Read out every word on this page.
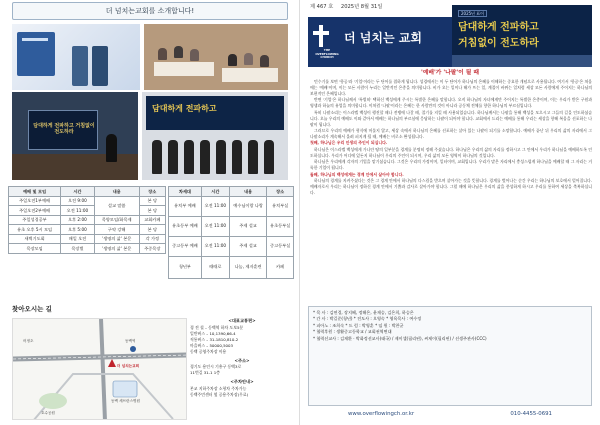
더 넘치는교회를 소개합니다!
담대하게 전파하고 거침없이 전도하라
담대하게 전파하고
예배 및 모임	시간	내용	장소
주일오전1부예배	오전 9:00	설교 말씀	본 당
주일오전2부예배	오전 11:00		본 당
주일성경공부	오후 2:00	목양모임/화목제	교회카페
유초 오후 5시 모임	오후 5:00	구약 강해	본 당
새벽기도회	매일 오전	'생명의 삶' 본문	각 가정
목장모임	목장별	'생명의 삶' 본문	주중목장
차세대	시간	내용	장소
유치부 예배	오전 11:00	예수님이랑 나랑	유치부실
유초등부 예배	오전 11:00	주제 설교	유초등부실
중고등부 예배	오전 11:00	주제 설교	중고등부실
청년부	때때로	나눔, 제자훈련	카페
찾아오시는 길
동백역
어정초
동백 세브란스병원
더 넘치는교회
호수공원
<대표교통편>
경 전 철 – 동백역 하차 도보5분
일반버스 – 10,1390,66-4
직통버스 – 31-1810,810-2
마을버스 – 50000,5003
동백 공영주차장 이용
<주소>
경기도 용인시 기흥구 동백3로
11번길 31-1 1층
<주차안내>
본교 지하주차장 소형차 주차가능
동백주민센터 옆 공용주차장(무료)
제 467 호 2025년 8월 31일
THE OVERFLOWING CHURCH
더 넘치는 교회
2025년 표어
담대하게 전파하고
거침없이 전도하라
'예배'가 '나팔'이 될 때

민수기를 보면 '항공'과 '기업'이라는 두 단어를 접하게 됩니다. 성경에서는 이 두 단어가 하나님의 은혜를 이해하는 중요한 개념으로 사용됩니다. 여기서 '항공'은 처음에는 '예배'이며, 이는 모든 사람이 누리는 일반적인 은총을 의미합니다. 비가 오는 일이나 해가 뜨는 일, 계절이 바뀌는 일처럼 세상 모든 사람에게 주어지는 하나님의 보편적인 은혜입니다.

반면 '기업'은 하나님께서 '특별히' 택하신 백성에게 주시는 특별한 은혜를 말합니다. 오직 하나님의 자녀에게만 주어지는 특별한 은총이며, 이는 우리가 받은 구원과 영생과 하늘의 유업을 의미합니다. 이처럼 '나팔'이라는 은혜는 한 사람만의 것이 아니라 공동체 전체를 향한 하나님의 부르심입니다.

특히 나팔소리는 이스라엘 백성이 행진할 때나 전쟁에 나갈 때, 절기를 지킬 때 사용되었습니다. 하나님께서는 나팔을 통해 백성을 모으시고 그들의 길을 인도하셨습니다. 오늘 우리의 예배도 이와 같아서 예배는 하나님의 부르심에 응답하는 나팔이 되어야 합니다. 교회에서 드리는 예배를 통해 우리는 세상을 향해 복음을 선포하는 나팔이 됩니다.

그러므로 우리의 예배가 형식에 머물지 않고, 세상 속에서 하나님의 은혜를 선포하는 살아 있는 나팔이 되기를 소망합니다. 예배가 끝난 뒤 우리의 삶의 자리에서 그 나팔소리가 계속해서 울려 퍼지게 될 때, 예배는 비로소 완성됩니다.

첫째, 하나님은 우리 인생의 주인이 되십니다.

하나님은 이스라엘 백성에게 가나안 땅의 일부분을 경계를 분명히 정해 주셨습니다. 하나님은 우리의 삶의 자리를 정하시고 그 안에서 우리가 하나님을 예배하도록 인도하십니다. 우리가 어디에 있든지 하나님이 우리의 주인이 되시며, 우리 삶의 모든 영역이 하나님의 것입니다.

하나님은 우리에게 각자의 기업을 맡기셨습니다. 그것은 우리의 가정이며, 일터이며, 교회입니다. 우리가 맡은 자리에서 충성스럽게 하나님을 예배할 때 그 자리는 거룩한 기업이 됩니다.

둘째, 하나님의 백성에게는 경계 안에서 살아야 합니다.

하나님의 경계를 지켜주셨다는 것은 그 경계 안에서 하나님의 다스림을 받으며 살아가는 것을 뜻합니다. 경계를 벗어나는 순간 우리는 하나님의 보호에서 멀어집니다. 예배자로서 우리는 하나님이 정하신 경계 안에서 기쁨과 감사로 살아가야 합니다. 그럴 때에 하나님은 우리의 삶을 풍성하게 하시고 우리를 통하여 세상을 축복하십니다.

* 목 사 : 김연경, 장지혜, 정해은, 윤재승, 김은희, 하승은
* 간 사 : 박길준(청년) * 전도사 : 오영숙 * 영육목사 : 여수정
* 피아노 : 조희숙 * 드 럼 : 박영훈 * 임 원 : 박찬균
* 협력후원 : 생활중고등학교 / 교회권역면대
* 협력선교사 : 김재환 · 박화정선교사(태국) / 제이셀(필리핀), 씨제이(필리핀) / 선생주관사(CCC)
www.overflowingch.or.kr	010-4455-0691
